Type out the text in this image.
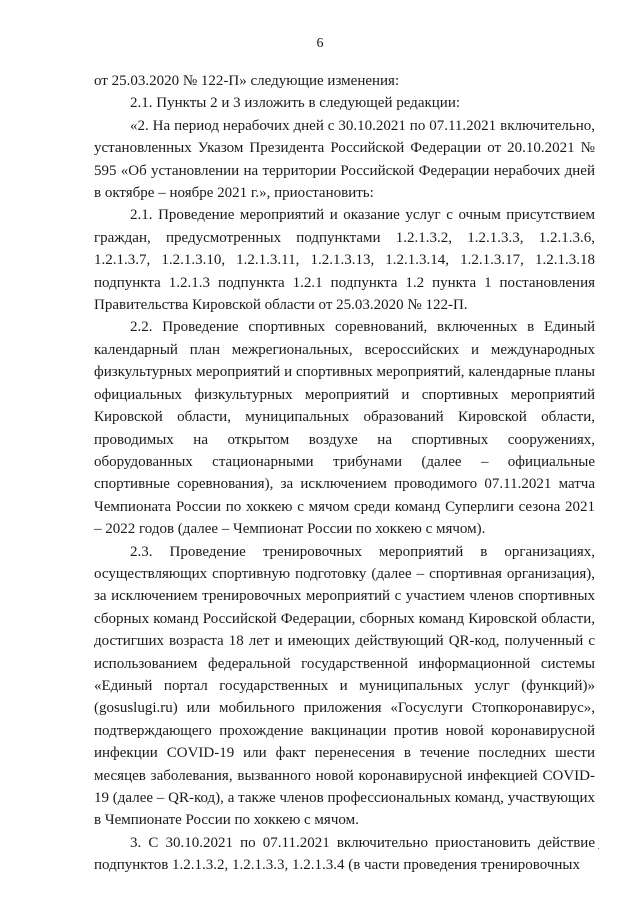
6

от 25.03.2020 № 122-П» следующие изменения:

2.1. Пункты 2 и 3 изложить в следующей редакции:

«2. На период нерабочих дней с 30.10.2021 по 07.11.2021 включительно, установленных Указом Президента Российской Федерации от 20.10.2021 № 595 «Об установлении на территории Российской Федерации нерабочих дней в октябре – ноябре 2021 г.», приостановить:

2.1. Проведение мероприятий и оказание услуг с очным присутствием граждан, предусмотренных подпунктами 1.2.1.3.2, 1.2.1.3.3, 1.2.1.3.6, 1.2.1.3.7, 1.2.1.3.10, 1.2.1.3.11, 1.2.1.3.13, 1.2.1.3.14, 1.2.1.3.17, 1.2.1.3.18 подпункта 1.2.1.3 подпункта 1.2.1 подпункта 1.2 пункта 1 постановления Правительства Кировской области от 25.03.2020 № 122-П.

2.2. Проведение спортивных соревнований, включенных в Единый календарный план межрегиональных, всероссийских и международных физкультурных мероприятий и спортивных мероприятий, календарные планы официальных физкультурных мероприятий и спортивных мероприятий Кировской области, муниципальных образований Кировской области, проводимых на открытом воздухе на спортивных сооружениях, оборудованных стационарными трибунами (далее – официальные спортивные соревнования), за исключением проводимого 07.11.2021 матча Чемпионата России по хоккею с мячом среди команд Суперлиги сезона 2021 – 2022 годов (далее – Чемпионат России по хоккею с мячом).

2.3. Проведение тренировочных мероприятий в организациях, осуществляющих спортивную подготовку (далее – спортивная организация), за исключением тренировочных мероприятий с участием членов спортивных сборных команд Российской Федерации, сборных команд Кировской области, достигших возраста 18 лет и имеющих действующий QR-код, полученный с использованием федеральной государственной информационной системы «Единый портал государственных и муниципальных услуг (функций)» (gosuslugi.ru) или мобильного приложения «Госуслуги Стопкоронавирус», подтверждающего прохождение вакцинации против новой коронавирусной инфекции COVID-19 или факт перенесения в течение последних шести месяцев заболевания, вызванного новой коронавирусной инфекцией COVID-19 (далее – QR-код), а также членов профессиональных команд, участвующих в Чемпионате России по хоккею с мячом.

3. С 30.10.2021 по 07.11.2021 включительно приостановить действие подпунктов 1.2.1.3.2, 1.2.1.3.3, 1.2.1.3.4 (в части проведения тренировочных
